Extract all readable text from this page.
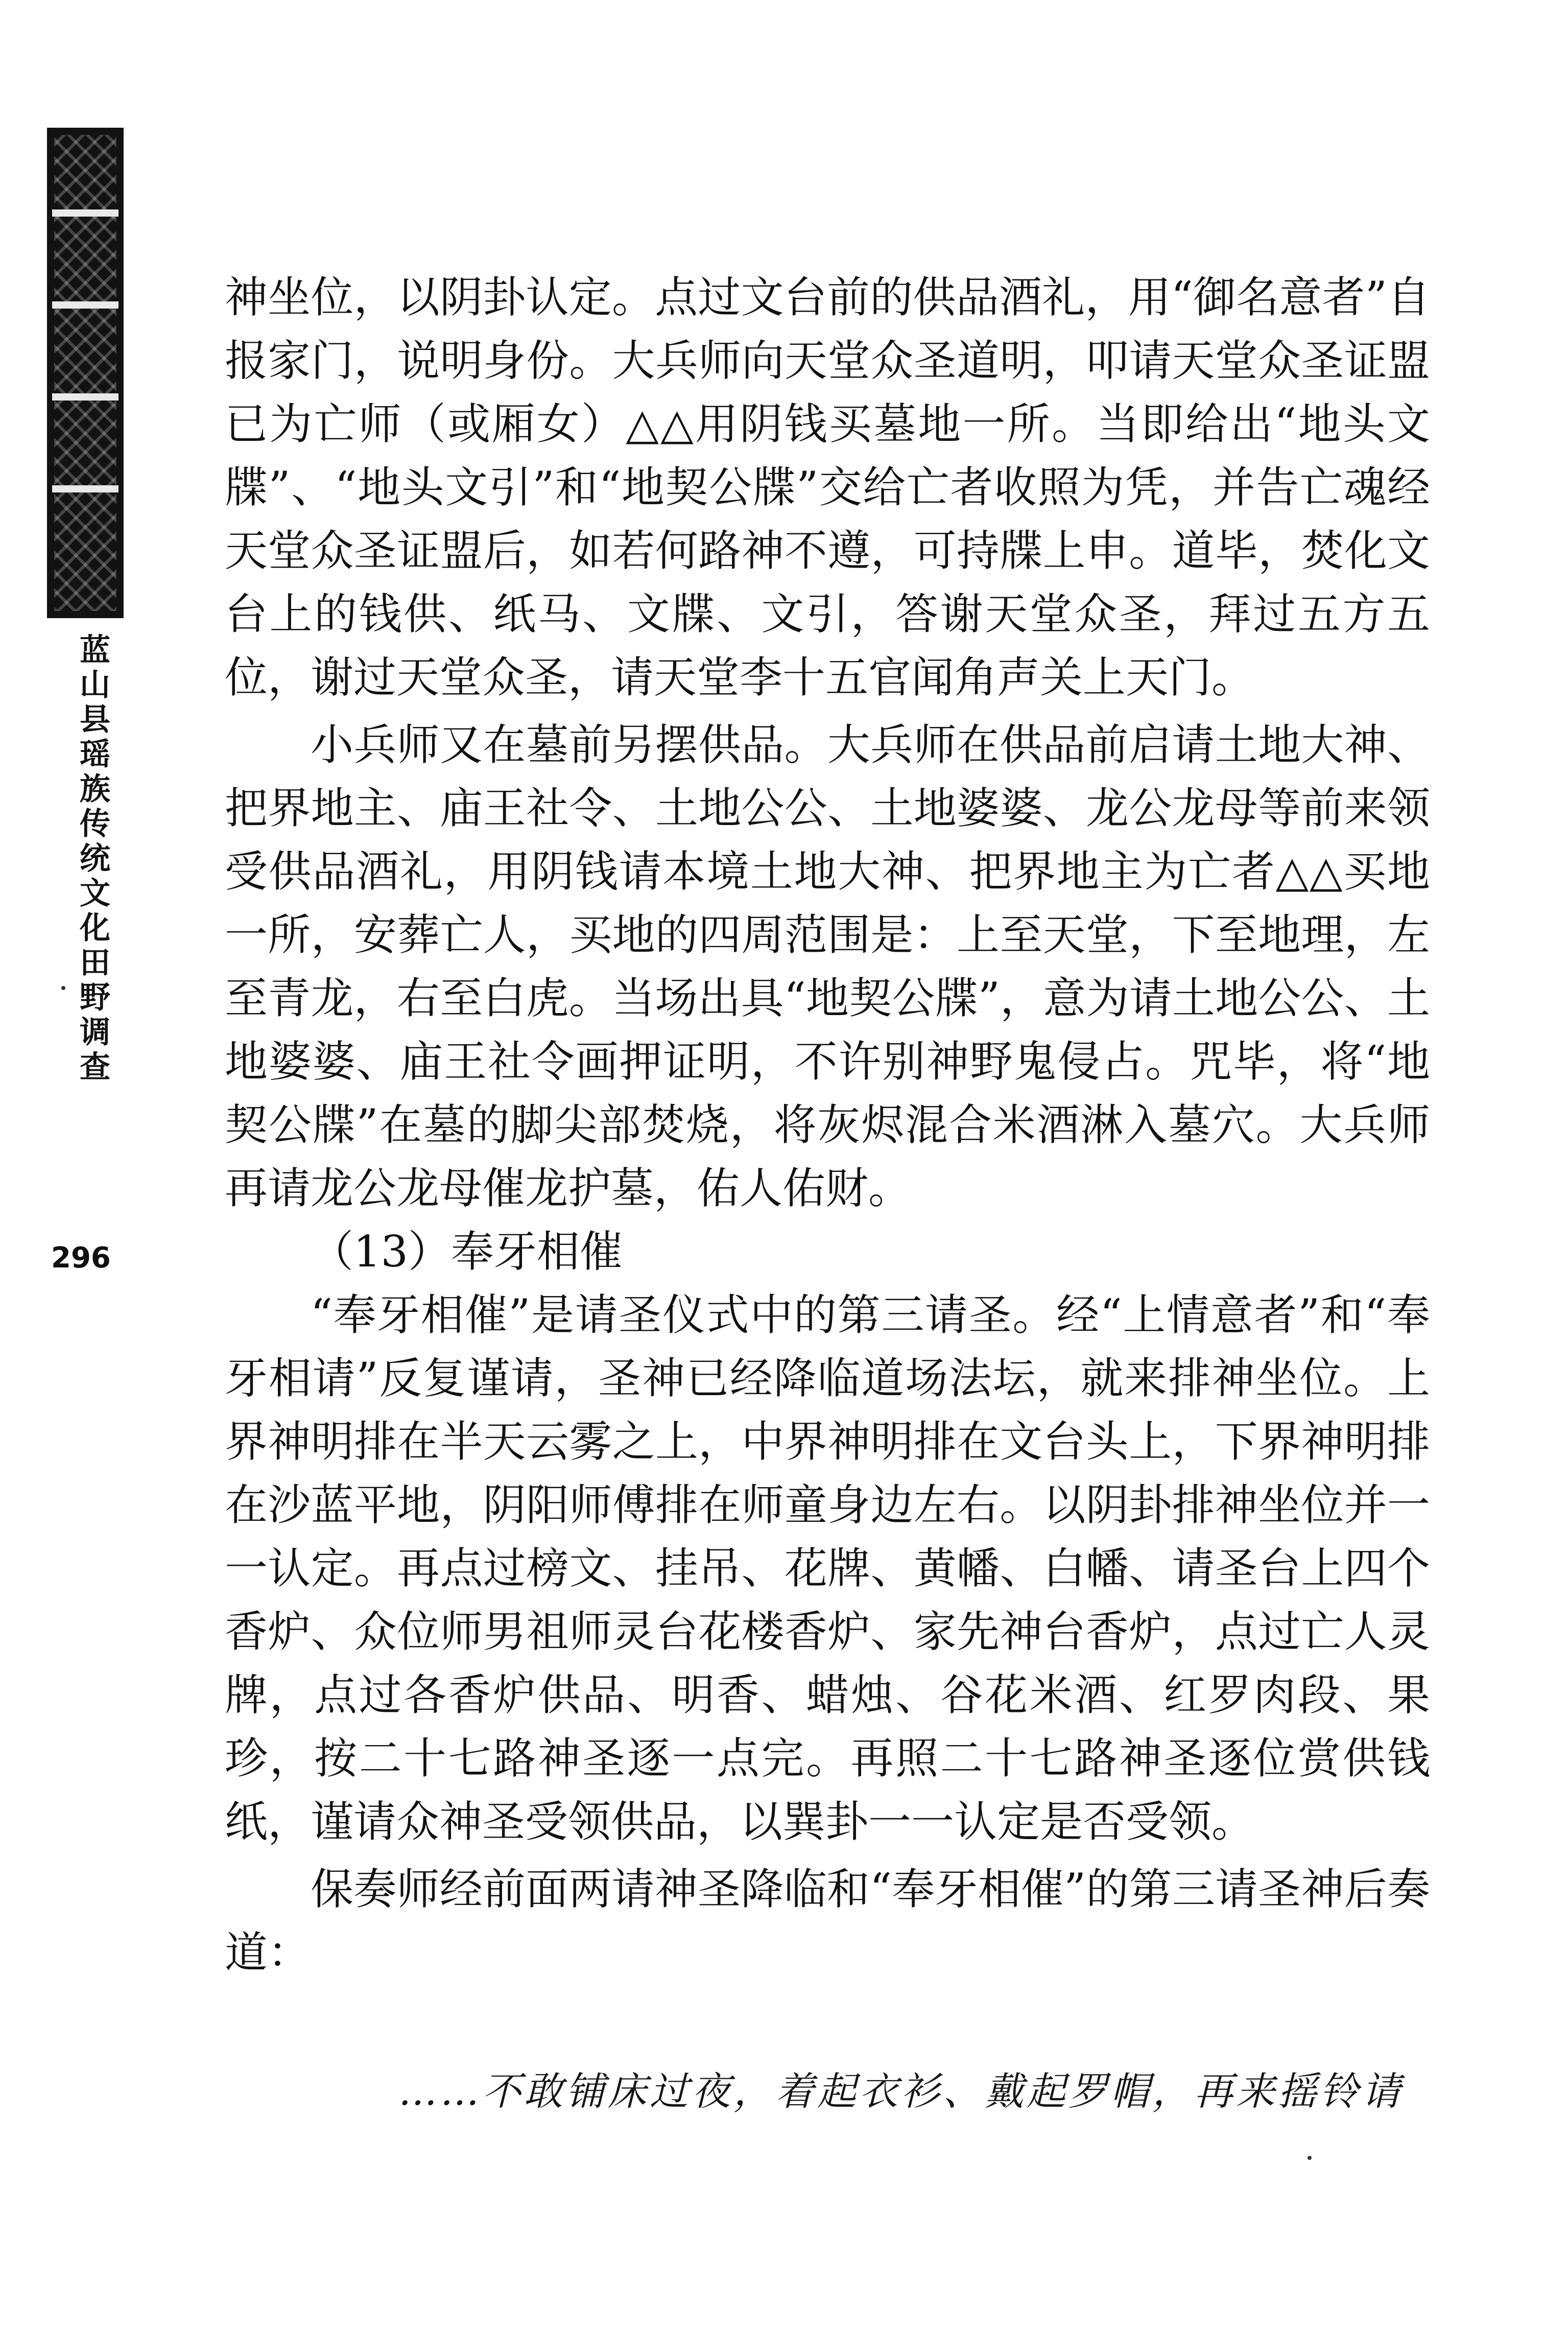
蓝山县瑶族传统文化田野调查
296

神坐位，以阴卦认定。点过文台前的供品酒礼，用“御名意者”自报家门，说明身份。大兵师向天堂众圣道明，叩请天堂众圣证盟已为亡师（或厢女）△△用阴钱买墓地一所。当即给出“地头文牒”、“地头文引”和“地契公牒”交给亡者收照为凭，并告亡魂经天堂众圣证盟后，如若何路神不遵，可持牒上申。道毕，焚化文台上的钱供、纸马、文牒、文引，答谢天堂众圣，拜过五方五位，谢过天堂众圣，请天堂李十五官闻角声关上天门。

小兵师又在墓前另摆供品。大兵师在供品前启请土地大神、把界地主、庙王社令、土地公公、土地婆婆、龙公龙母等前来领受供品酒礼，用阴钱请本境土地大神、把界地主为亡者△△买地一所，安葬亡人，买地的四周范围是：上至天堂，下至地理，左至青龙，右至白虎。当场出具“地契公牒”，意为请土地公公、土地婆婆、庙王社令画押证明，不许别神野鬼侵占。咒毕，将“地契公牒”在墓的脚尖部焚烧，将灰烬混合米酒淋入墓穴。大兵师再请龙公龙母催龙护墓，佑人佑财。

（13）奉牙相催

“奉牙相催”是请圣仪式中的第三请圣。经“上情意者”和“奉牙相请”反复谨请，圣神已经降临道场法坛，就来排神坐位。上界神明排在半天云雾之上，中界神明排在文台头上，下界神明排在沙蓝平地，阴阳师傅排在师童身边左右。以阴卦排神坐位并一一认定。再点过榜文、挂吊、花牌、黄幡、白幡、请圣台上四个香炉、众位师男祖师灵台花楼香炉、家先神台香炉，点过亡人灵牌，点过各香炉供品、明香、蜡烛、谷花米酒、红罗肉段、果珍，按二十七路神圣逐一点完。再照二十七路神圣逐位赏供钱纸，谨请众神圣受领供品，以巽卦一一认定是否受领。

保奏师经前面两请神圣降临和“奉牙相催”的第三请圣神后奏道：

……不敢铺床过夜，着起衣衫、戴起罗帽，再来摇铃请
